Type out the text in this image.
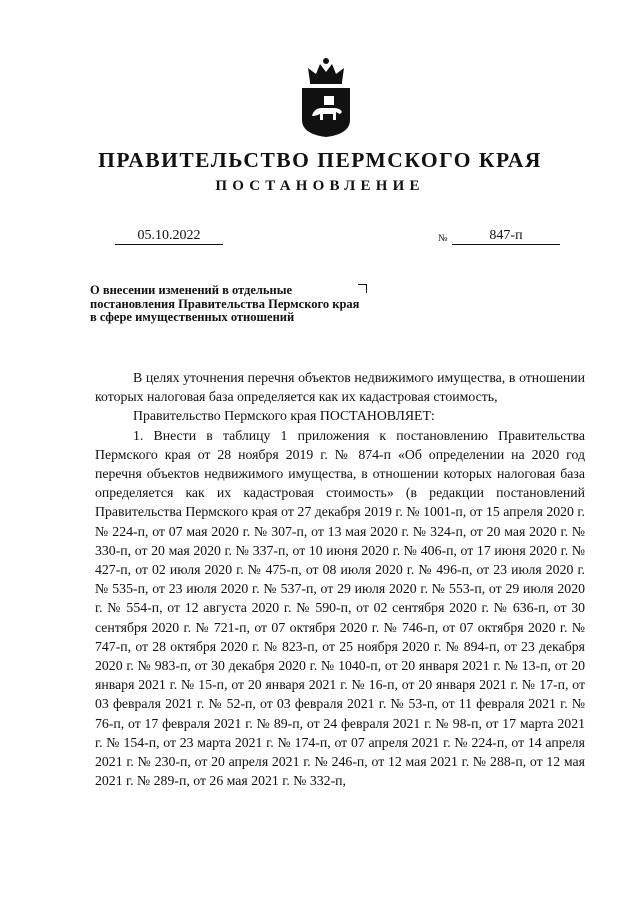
ПРАВИТЕЛЬСТВО ПЕРМСКОГО КРАЯ
ПОСТАНОВЛЕНИЕ
05.10.2022	№	847-п
О внесении изменений в отдельные постановления Правительства Пермского края в сфере имущественных отношений

В целях уточнения перечня объектов недвижимого имущества, в отношении которых налоговая база определяется как их кадастровая стоимость,

Правительство Пермского края ПОСТАНОВЛЯЕТ:

1. Внести в таблицу 1 приложения к постановлению Правительства Пермского края от 28 ноября 2019 г. № 874-п «Об определении на 2020 год перечня объектов недвижимого имущества, в отношении которых налоговая база определяется как их кадастровая стоимость» (в редакции постановлений Правительства Пермского края от 27 декабря 2019 г. № 1001-п, от 15 апреля 2020 г. № 224-п, от 07 мая 2020 г. № 307-п, от 13 мая 2020 г. № 324-п, от 20 мая 2020 г. № 330-п, от 20 мая 2020 г. № 337-п, от 10 июня 2020 г. № 406-п, от 17 июня 2020 г. № 427-п, от 02 июля 2020 г. № 475-п, от 08 июля 2020 г. № 496-п, от 23 июля 2020 г. № 535-п, от 23 июля 2020 г. № 537-п, от 29 июля 2020 г. № 553-п, от 29 июля 2020 г. № 554-п, от 12 августа 2020 г. № 590-п, от 02 сентября 2020 г. № 636-п, от 30 сентября 2020 г. № 721-п, от 07 октября 2020 г. № 746-п, от 07 октября 2020 г. № 747-п, от 28 октября 2020 г. № 823-п, от 25 ноября 2020 г. № 894-п, от 23 декабря 2020 г. № 983-п, от 30 декабря 2020 г. № 1040-п, от 20 января 2021 г. № 13-п, от 20 января 2021 г. № 15-п, от 20 января 2021 г. № 16-п, от 20 января 2021 г. № 17-п, от 03 февраля 2021 г. № 52-п, от 03 февраля 2021 г. № 53-п, от 11 февраля 2021 г. № 76-п, от 17 февраля 2021 г. № 89-п, от 24 февраля 2021 г. № 98-п, от 17 марта 2021 г. № 154-п, от 23 марта 2021 г. № 174-п, от 07 апреля 2021 г. № 224-п, от 14 апреля 2021 г. № 230-п, от 20 апреля 2021 г. № 246-п, от 12 мая 2021 г. № 288-п, от 12 мая 2021 г. № 289-п, от 26 мая 2021 г. № 332-п,
